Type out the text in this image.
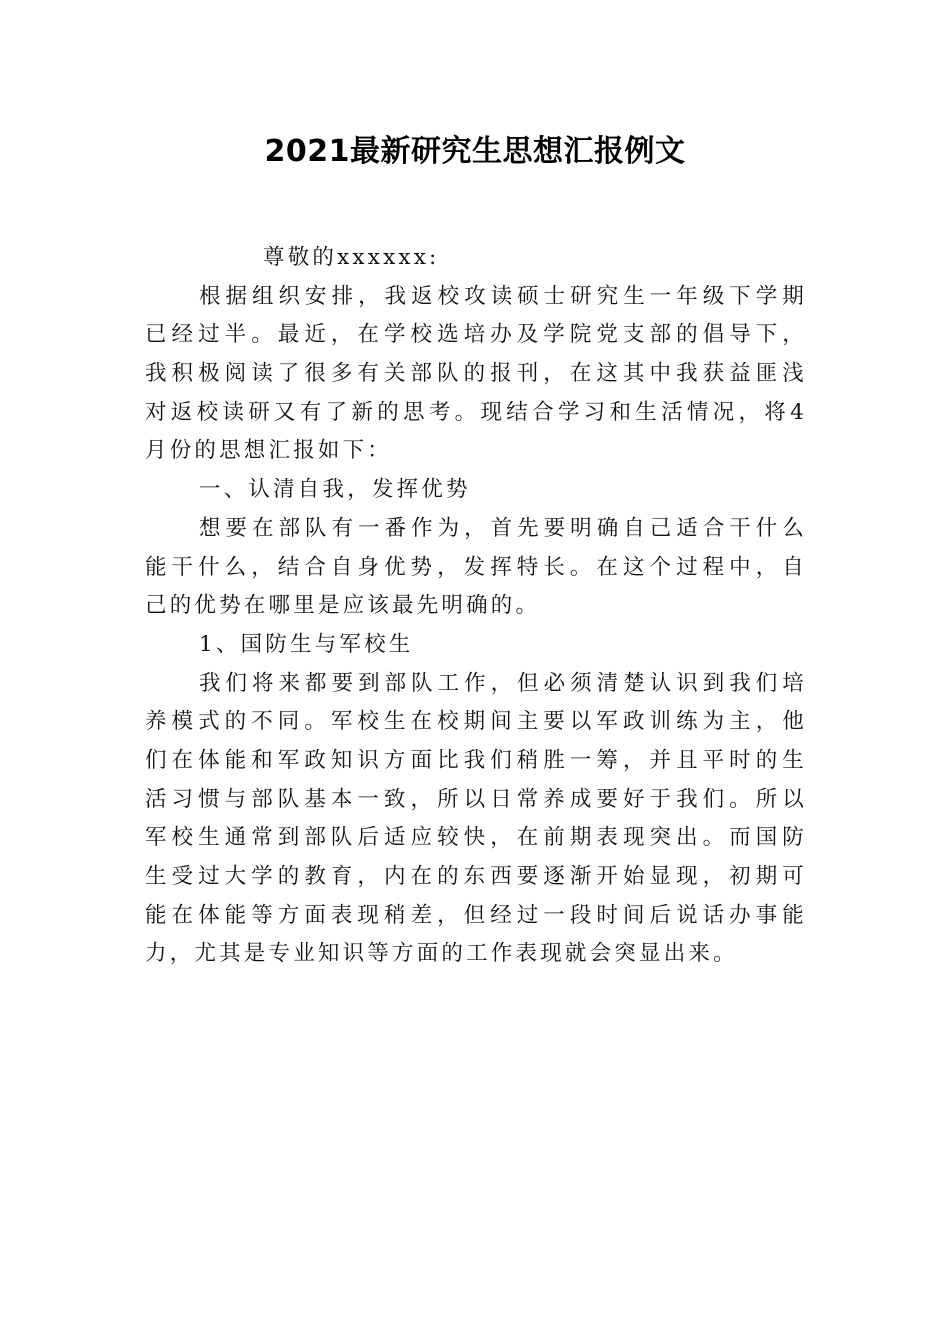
2021最新研究生思想汇报例文
尊敬的xxxxxx:
根据组织安排，我返校攻读硕士研究生一年级下学期
已经过半。最近，在学校选培办及学院党支部的倡导下，
我积极阅读了很多有关部队的报刊，在这其中我获益匪浅
对返校读研又有了新的思考。现结合学习和生活情况，将4
月份的思想汇报如下：
一、认清自我，发挥优势
想要在部队有一番作为，首先要明确自己适合干什么
能干什么，结合自身优势，发挥特长。在这个过程中，自
己的优势在哪里是应该最先明确的。
1、国防生与军校生
我们将来都要到部队工作，但必须清楚认识到我们培
养模式的不同。军校生在校期间主要以军政训练为主，他
们在体能和军政知识方面比我们稍胜一筹，并且平时的生
活习惯与部队基本一致，所以日常养成要好于我们。所以
军校生通常到部队后适应较快，在前期表现突出。而国防
生受过大学的教育，内在的东西要逐渐开始显现，初期可
能在体能等方面表现稍差，但经过一段时间后说话办事能
力，尤其是专业知识等方面的工作表现就会突显出来。
